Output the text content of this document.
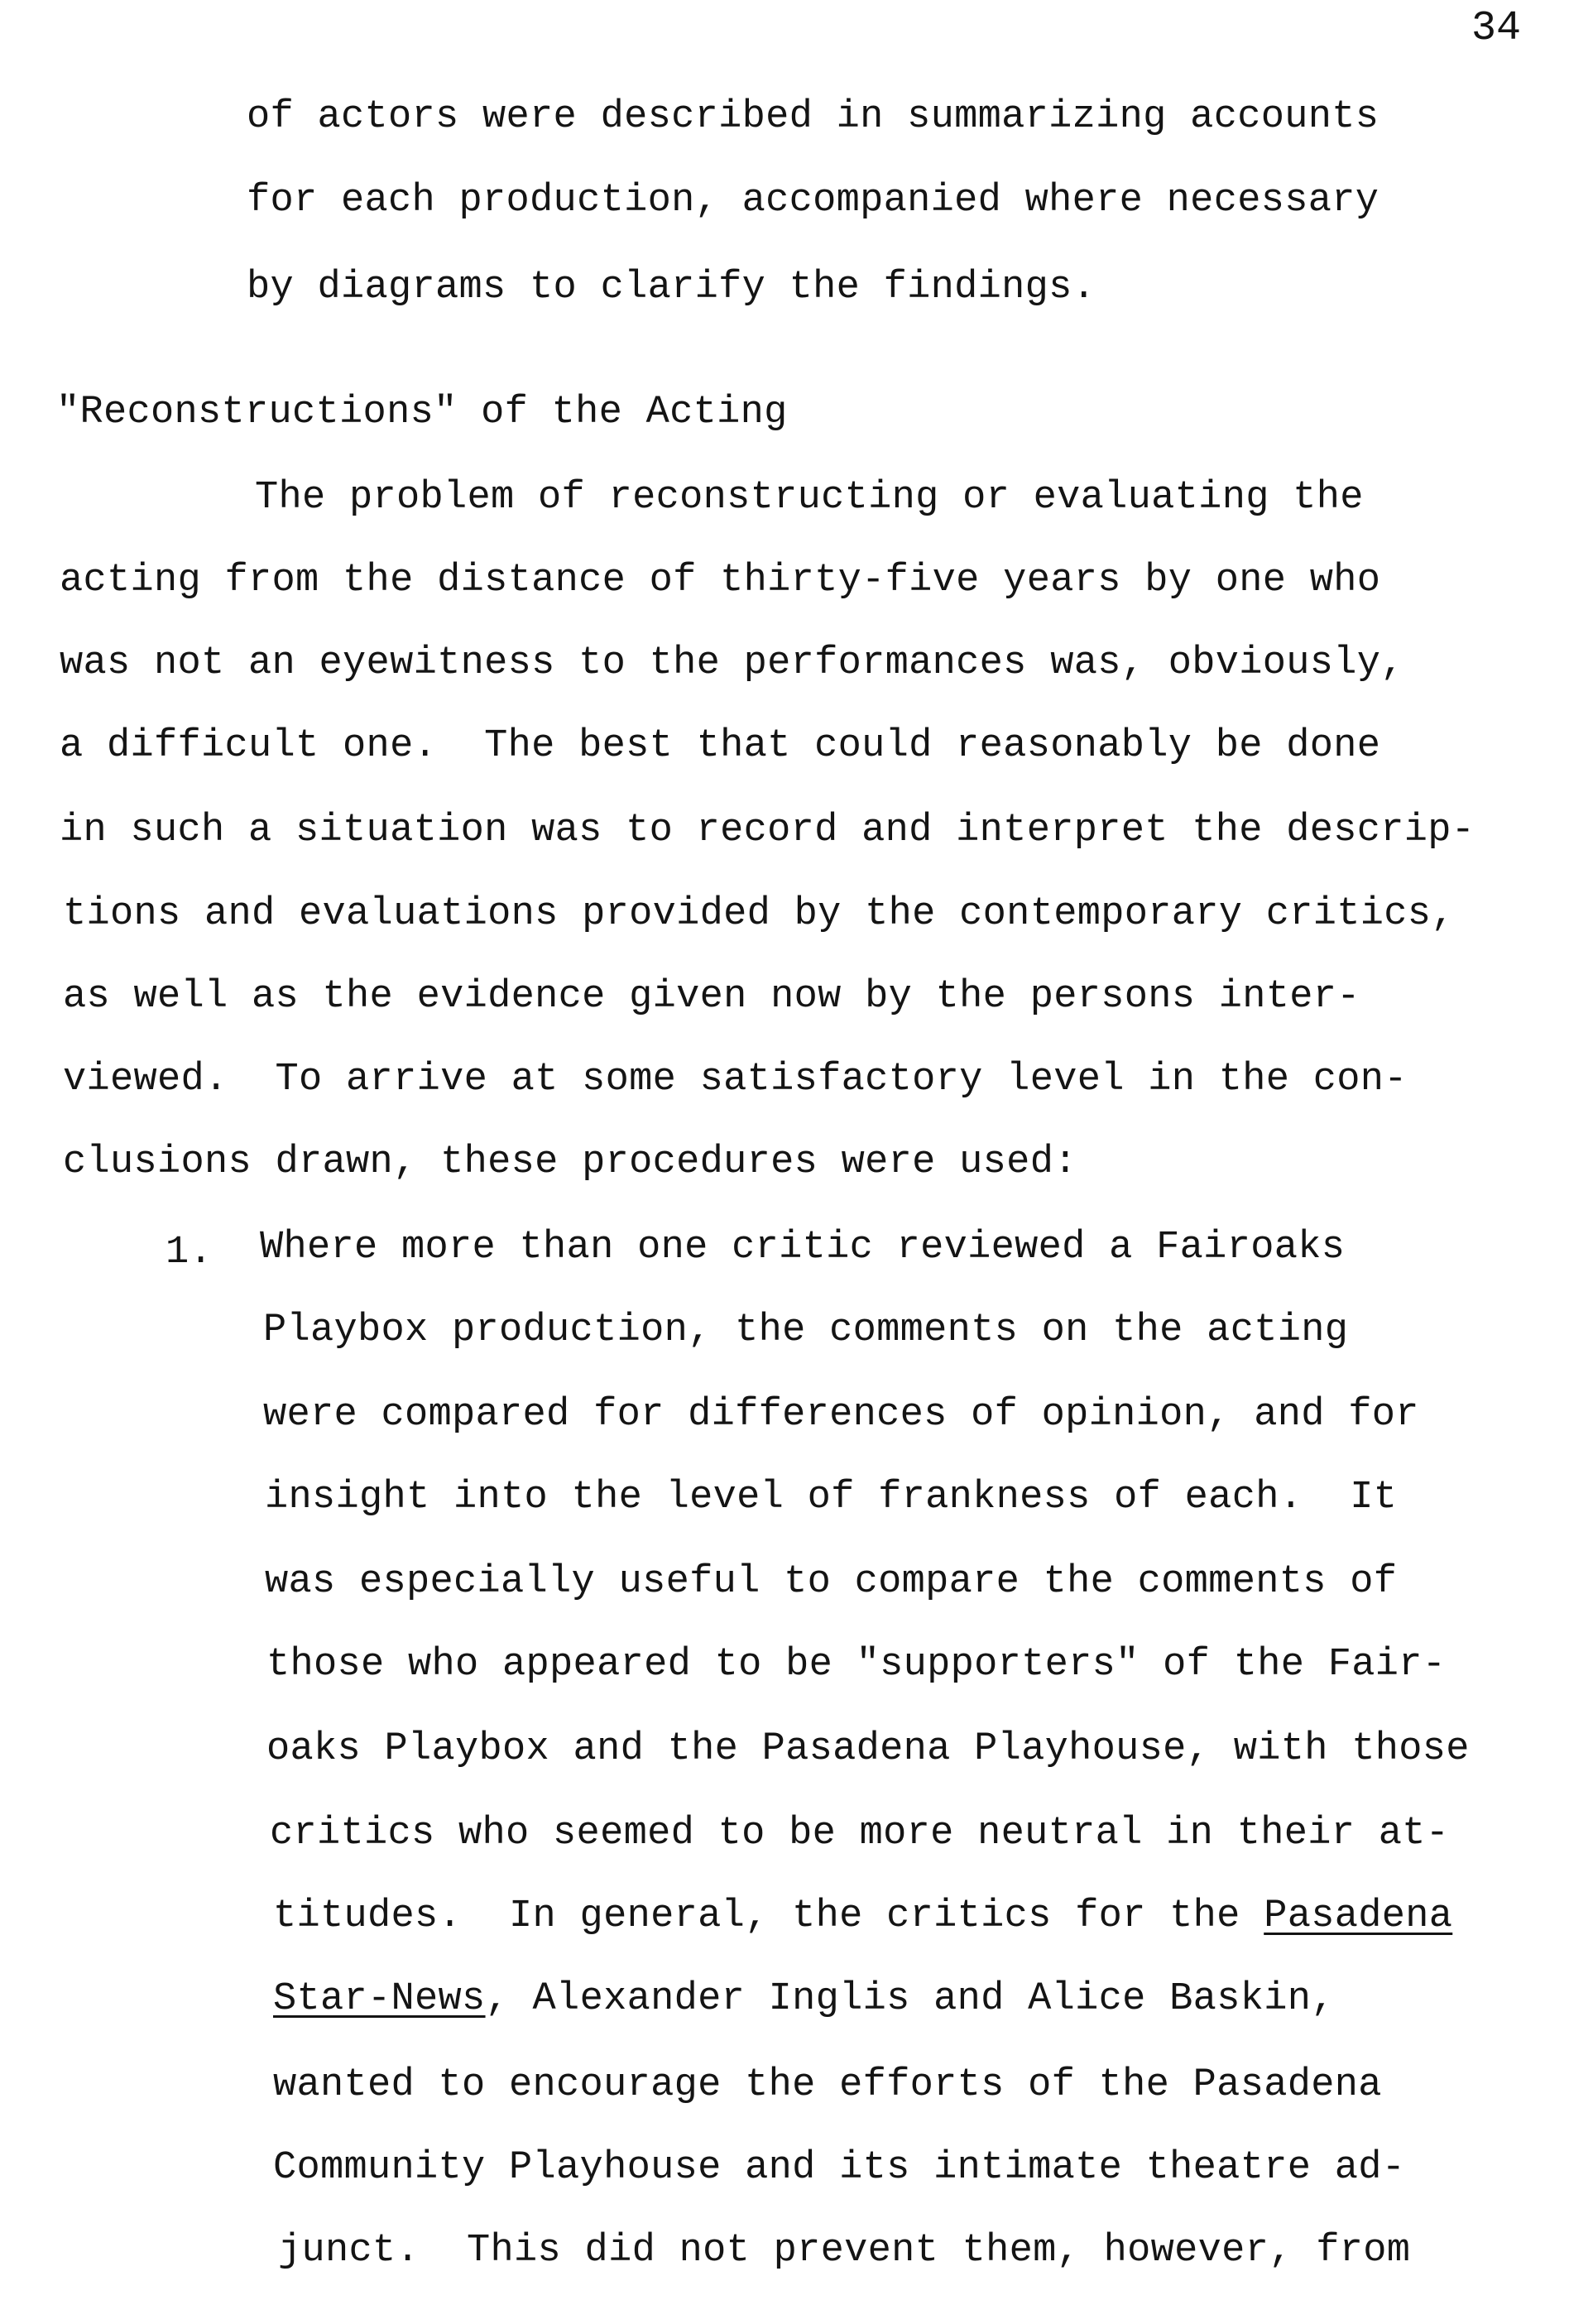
34
of actors were described in summarizing accounts
for each production, accompanied where necessary
by diagrams to clarify the findings.
"Reconstructions" of the Acting
The problem of reconstructing or evaluating the
acting from the distance of thirty-five years by one who
was not an eyewitness to the performances was, obviously,
a difficult one.  The best that could reasonably be done
in such a situation was to record and interpret the descrip-
tions and evaluations provided by the contemporary critics,
as well as the evidence given now by the persons inter-
viewed.  To arrive at some satisfactory level in the con-
clusions drawn, these procedures were used:
1. Where more than one critic reviewed a Fairoaks
Playbox production, the comments on the acting
were compared for differences of opinion, and for
insight into the level of frankness of each.  It
was especially useful to compare the comments of
those who appeared to be "supporters" of the Fair-
oaks Playbox and the Pasadena Playhouse, with those
critics who seemed to be more neutral in their at-
titudes.  In general, the critics for the Pasadena
Star-News, Alexander Inglis and Alice Baskin,
wanted to encourage the efforts of the Pasadena
Community Playhouse and its intimate theatre ad-
junct.  This did not prevent them, however, from
